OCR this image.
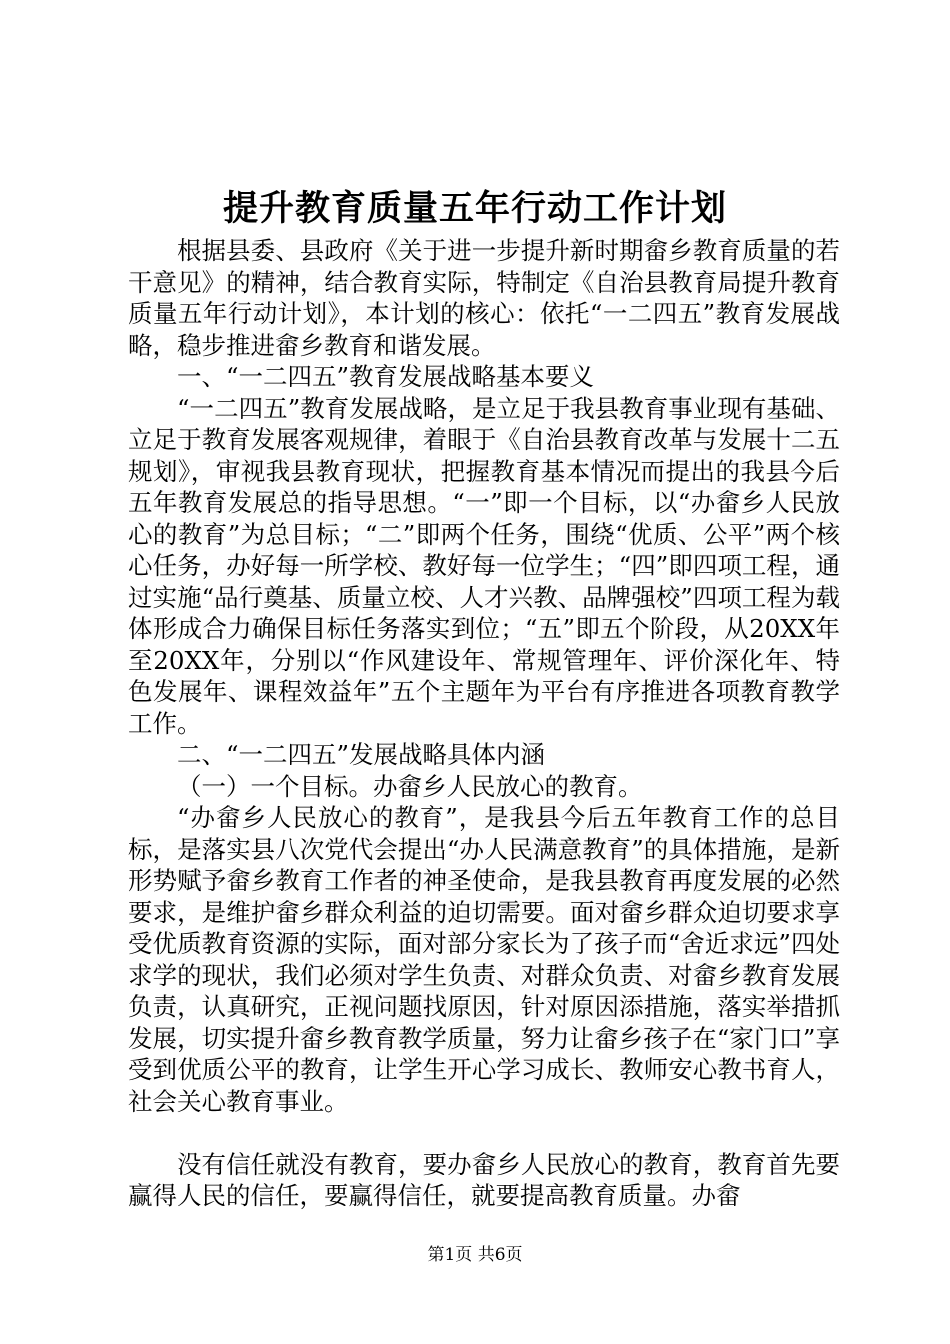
提升教育质量五年行动工作计划

根据县委、县政府《关于进一步提升新时期畲乡教育质量的若干意见》的精神，结合教育实际，特制定《自治县教育局提升教育质量五年行动计划》，本计划的核心：依托“一二四五”教育发展战略，稳步推进畲乡教育和谐发展。

一、“一二四五”教育发展战略基本要义

“一二四五”教育发展战略，是立足于我县教育事业现有基础、立足于教育发展客观规律，着眼于《自治县教育改革与发展十二五规划》，审视我县教育现状，把握教育基本情况而提出的我县今后五年教育发展总的指导思想。“一”即一个目标，以“办畲乡人民放心的教育”为总目标；“二”即两个任务，围绕“优质、公平”两个核心任务，办好每一所学校、教好每一位学生；“四”即四项工程，通过实施“品行奠基、质量立校、人才兴教、品牌强校”四项工程为载体形成合力确保目标任务落实到位；“五”即五个阶段，从20XX年至20XX年，分别以“作风建设年、常规管理年、评价深化年、特色发展年、课程效益年”五个主题年为平台有序推进各项教育教学工作。

二、“一二四五”发展战略具体内涵

（一）一个目标。办畲乡人民放心的教育。

“办畲乡人民放心的教育”，是我县今后五年教育工作的总目标，是落实县八次党代会提出“办人民满意教育”的具体措施，是新形势赋予畲乡教育工作者的神圣使命，是我县教育再度发展的必然要求，是维护畲乡群众利益的迫切需要。面对畲乡群众迫切要求享受优质教育资源的实际，面对部分家长为了孩子而“舍近求远”四处求学的现状，我们必须对学生负责、对群众负责、对畲乡教育发展负责，认真研究，正视问题找原因，针对原因添措施，落实举措抓发展，切实提升畲乡教育教学质量，努力让畲乡孩子在“家门口”享受到优质公平的教育，让学生开心学习成长、教师安心教书育人，社会关心教育事业。

没有信任就没有教育，要办畲乡人民放心的教育，教育首先要赢得人民的信任，要赢得信任，就要提高教育质量。办畲

第1页 共6页
